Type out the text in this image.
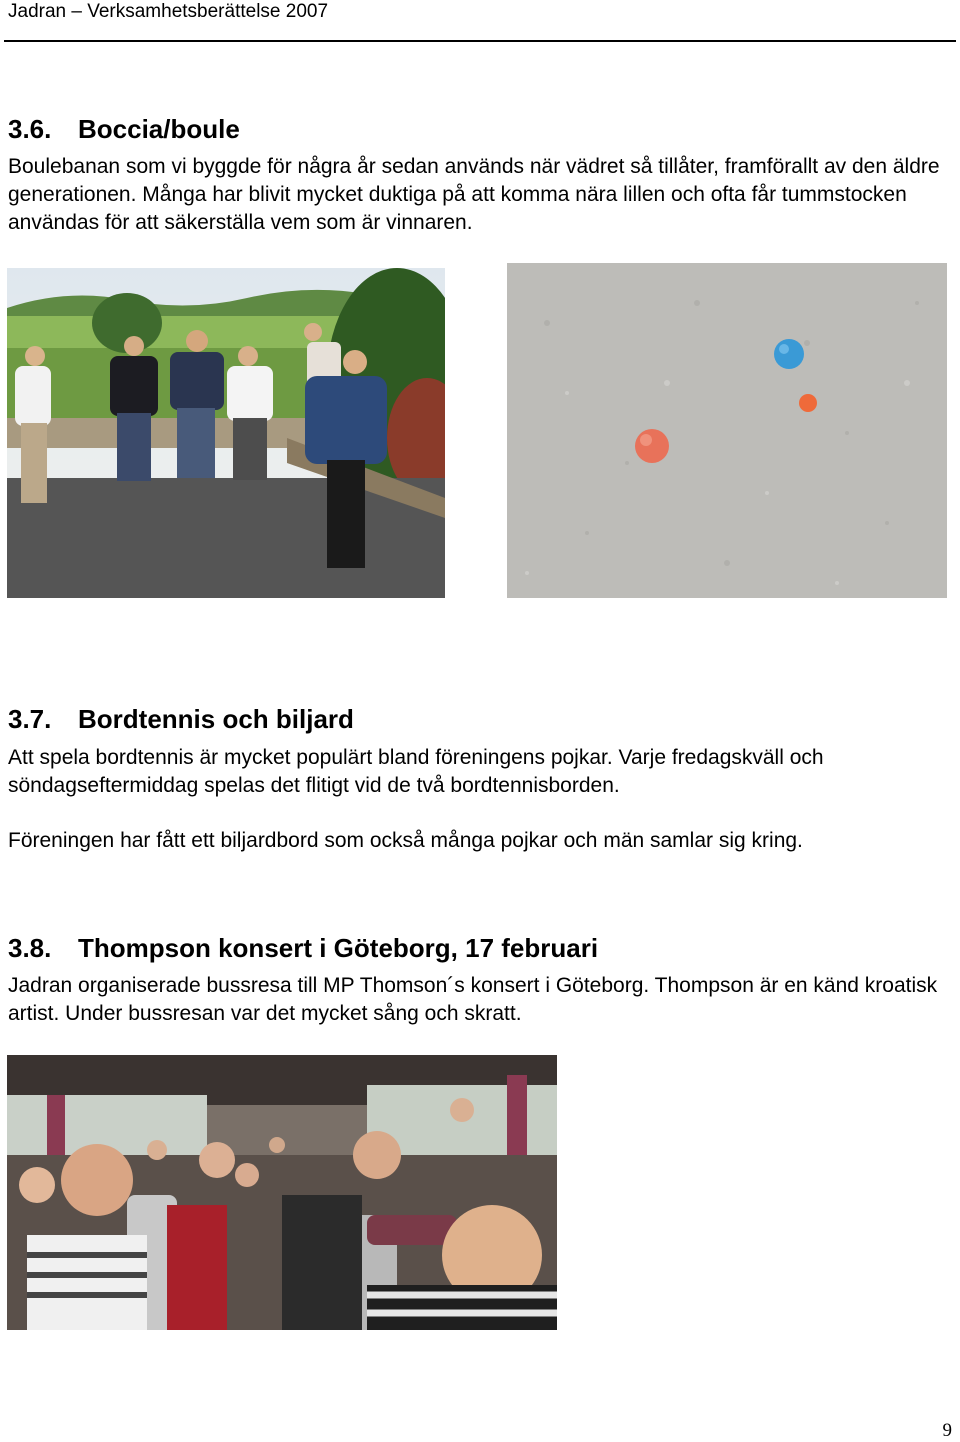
Jadran – Verksamhetsberättelse 2007
3.6. Boccia/boule
Boulebanan som vi byggde för några år sedan används när vädret så tillåter, framförallt av den äldre generationen. Många har blivit mycket duktiga på att komma nära lillen och ofta får tummstocken användas för att säkerställa vem som är vinnaren.
3.7. Bordtennis och biljard
Att spela bordtennis är mycket populärt bland föreningens pojkar. Varje fredagskväll och söndagseftermiddag spelas det flitigt vid de två bordtennisborden.
Föreningen har fått ett biljardbord som också många pojkar och män samlar sig kring.
3.8. Thompson konsert i Göteborg, 17 februari
Jadran organiserade bussresa till MP Thomson´s konsert i Göteborg. Thompson är en känd kroatisk artist. Under bussresan var det mycket sång och skratt.
9
